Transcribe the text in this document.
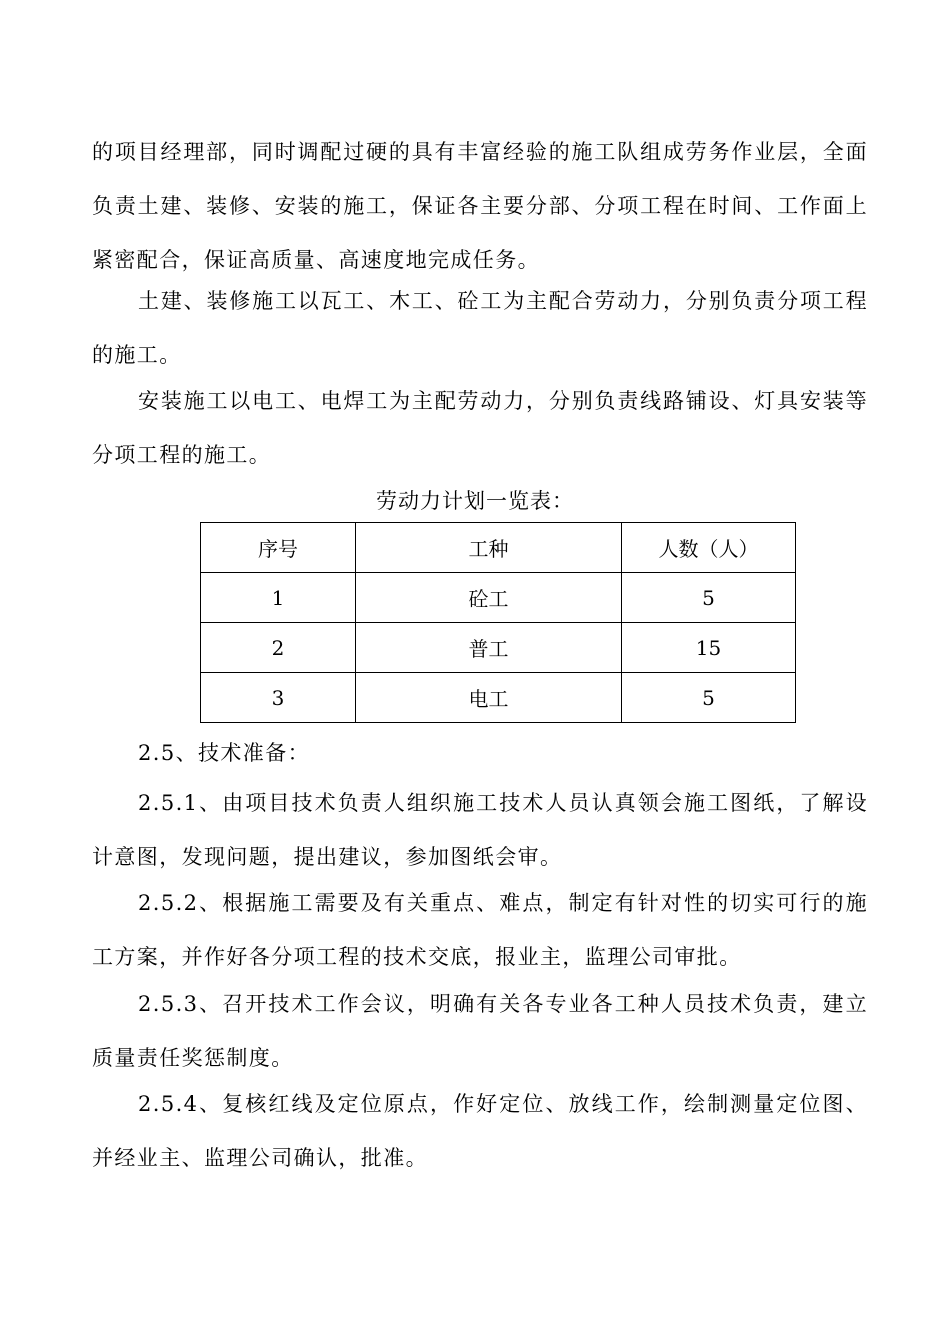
的项目经理部，同时调配过硬的具有丰富经验的施工队组成劳务作业层，全面负责土建、装修、安装的施工，保证各主要分部、分项工程在时间、工作面上紧密配合，保证高质量、高速度地完成任务。

土建、装修施工以瓦工、木工、砼工为主配合劳动力，分别负责分项工程的施工。

安装施工以电工、电焊工为主配劳动力，分别负责线路铺设、灯具安装等分项工程的施工。

劳动力计划一览表：

序号	工种	人数（人）
1	砼工	5
2	普工	15
3	电工	5

2.5、技术准备：

2.5.1、由项目技术负责人组织施工技术人员认真领会施工图纸，了解设计意图，发现问题，提出建议，参加图纸会审。

2.5.2、根据施工需要及有关重点、难点，制定有针对性的切实可行的施工方案，并作好各分项工程的技术交底，报业主，监理公司审批。

2.5.3、召开技术工作会议，明确有关各专业各工种人员技术负责，建立质量责任奖惩制度。

2.5.4、复核红线及定位原点，作好定位、放线工作，绘制测量定位图、并经业主、监理公司确认，批准。
